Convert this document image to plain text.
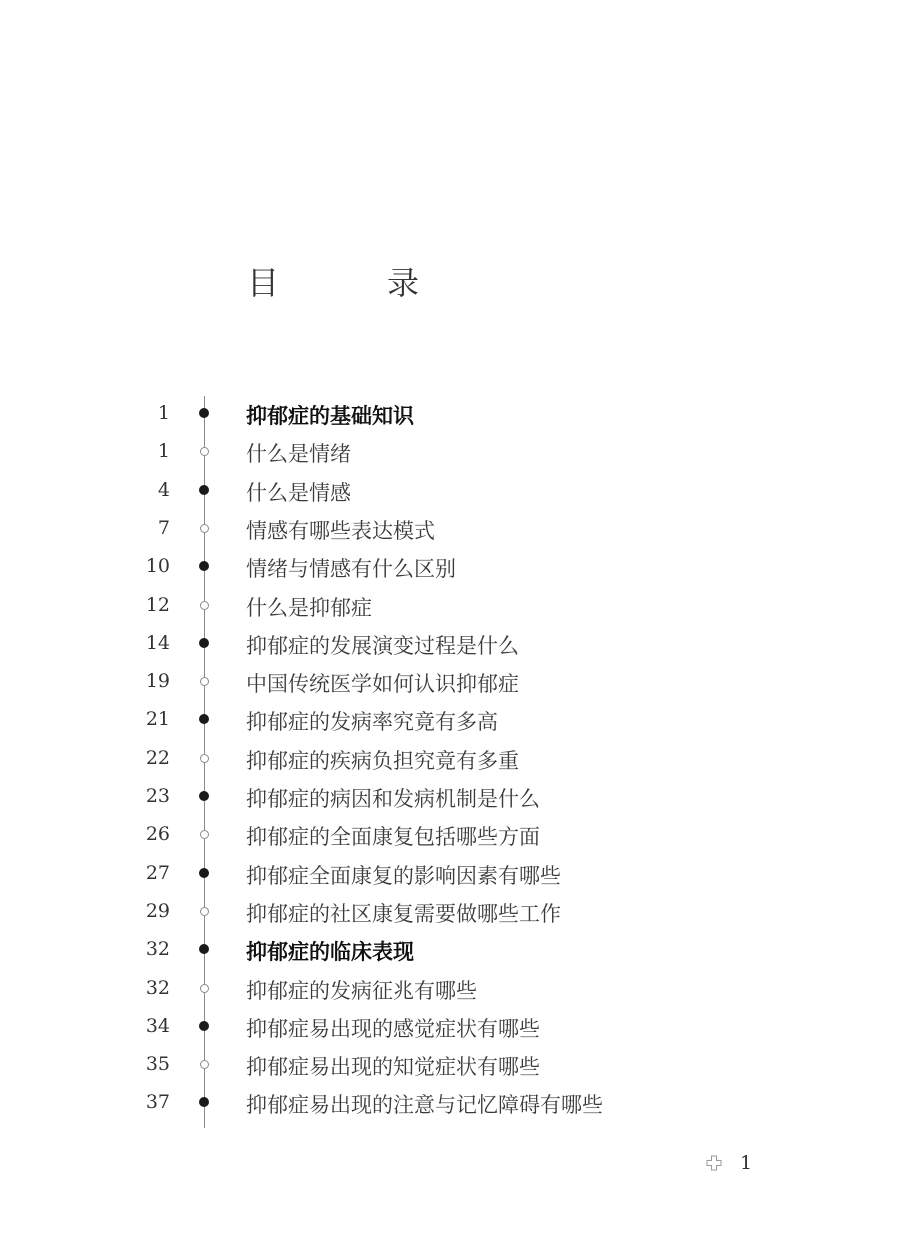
目　录
1	抑郁症的基础知识
1	什么是情绪
4	什么是情感
7	情感有哪些表达模式
10	情绪与情感有什么区别
12	什么是抑郁症
14	抑郁症的发展演变过程是什么
19	中国传统医学如何认识抑郁症
21	抑郁症的发病率究竟有多高
22	抑郁症的疾病负担究竟有多重
23	抑郁症的病因和发病机制是什么
26	抑郁症的全面康复包括哪些方面
27	抑郁症全面康复的影响因素有哪些
29	抑郁症的社区康复需要做哪些工作
32	抑郁症的临床表现
32	抑郁症的发病征兆有哪些
34	抑郁症易出现的感觉症状有哪些
35	抑郁症易出现的知觉症状有哪些
37	抑郁症易出现的注意与记忆障碍有哪些
1
